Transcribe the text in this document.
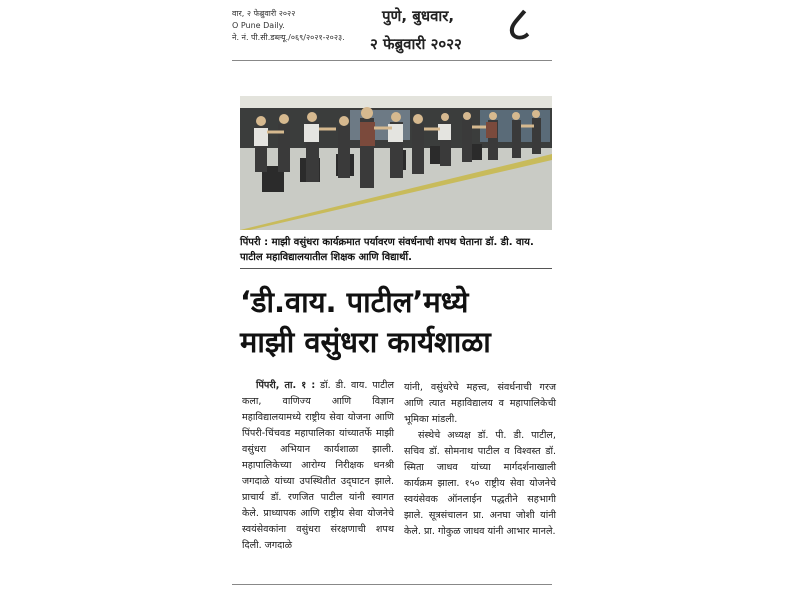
वार, २ फेब्रुवारी २०२२
O Pune Daily.
ने. नं. पी.सी.डब्ल्यू./०६९/२०२१-२०२३.
पुणे, बुधवार,
२ फेब्रुवारी २०२२ ८
पिंपरी : माझी वसुंधरा कार्यक्रमात पर्यावरण संवर्धनाची शपथ घेताना डॉ. डी. वाय. पाटील महाविद्यालयातील शिक्षक आणि विद्यार्थी.
‘डी.वाय. पाटील’मध्ये
माझी वसुंधरा कार्यशाळा

पिंपरी, ता. १ : डॉ. डी. वाय. पाटील कला, वाणिज्य आणि विज्ञान महाविद्यालयामध्ये राष्ट्रीय सेवा योजना आणि पिंपरी-चिंचवड महापालिका यांच्यातर्फे माझी वसुंधरा अभियान कार्यशाळा झाली. महापालिकेच्या आरोग्य निरीक्षक धनश्री जगदाळे यांच्या उपस्थितीत उद्‌घाटन झाले. प्राचार्य डॉ. रणजित पाटील यांनी स्वागत केले. प्राध्यापक आणि राष्ट्रीय सेवा योजनेचे स्वयंसेवकांना वसुंधरा संरक्षणाची शपथ दिली. जगदाळे

यांनी, वसुंधरेचे महत्त्व, संवर्धनाची गरज आणि त्यात महाविद्यालय व महापालिकेची भूमिका मांडली.

संस्थेचे अध्यक्ष डॉ. पी. डी. पाटील, सचिव डॉ. सोमनाथ पाटील व विश्वस्त डॉ. स्मिता जाधव यांच्या मार्गदर्शनाखाली कार्यक्रम झाला. १५० राष्ट्रीय सेवा योजनेचे स्वयंसेवक ऑनलाईन पद्धतीने सहभागी झाले. सूत्रसंचालन प्रा. अनघा जोशी यांनी केले. प्रा. गोकुळ जाधव यांनी आभार मानले.
